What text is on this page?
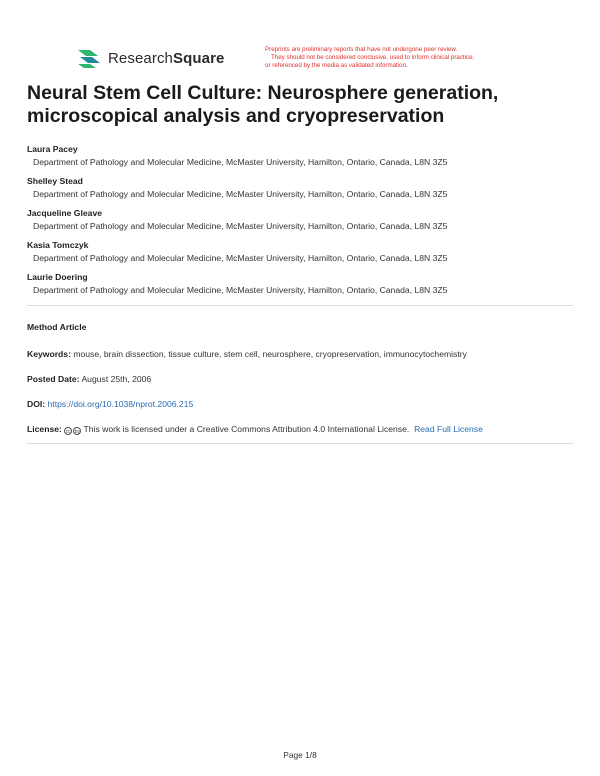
ResearchSquare	Preprints are preliminary reports that have not undergone peer review.
They should not be considered conclusive, used to inform clinical practice,
or referenced by the media as validated information.
Neural Stem Cell Culture: Neurosphere generation, microscopical analysis and cryopreservation
Laura Pacey
Department of Pathology and Molecular Medicine, McMaster University, Hamilton, Ontario, Canada, L8N 3Z5
Shelley Stead
Department of Pathology and Molecular Medicine, McMaster University, Hamilton, Ontario, Canada, L8N 3Z5
Jacqueline Gleave
Department of Pathology and Molecular Medicine, McMaster University, Hamilton, Ontario, Canada, L8N 3Z5
Kasia Tomczyk
Department of Pathology and Molecular Medicine, McMaster University, Hamilton, Ontario, Canada, L8N 3Z5
Laurie Doering
Department of Pathology and Molecular Medicine, McMaster University, Hamilton, Ontario, Canada, L8N 3Z5
Method Article
Keywords: mouse, brain dissection, tissue culture, stem cell, neurosphere, cryopreservation, immunocytochemistry
Posted Date: August 25th, 2006
DOI: https://doi.org/10.1038/nprot.2006.215
License: cc by This work is licensed under a Creative Commons Attribution 4.0 International License. Read Full License
Page 1/8
